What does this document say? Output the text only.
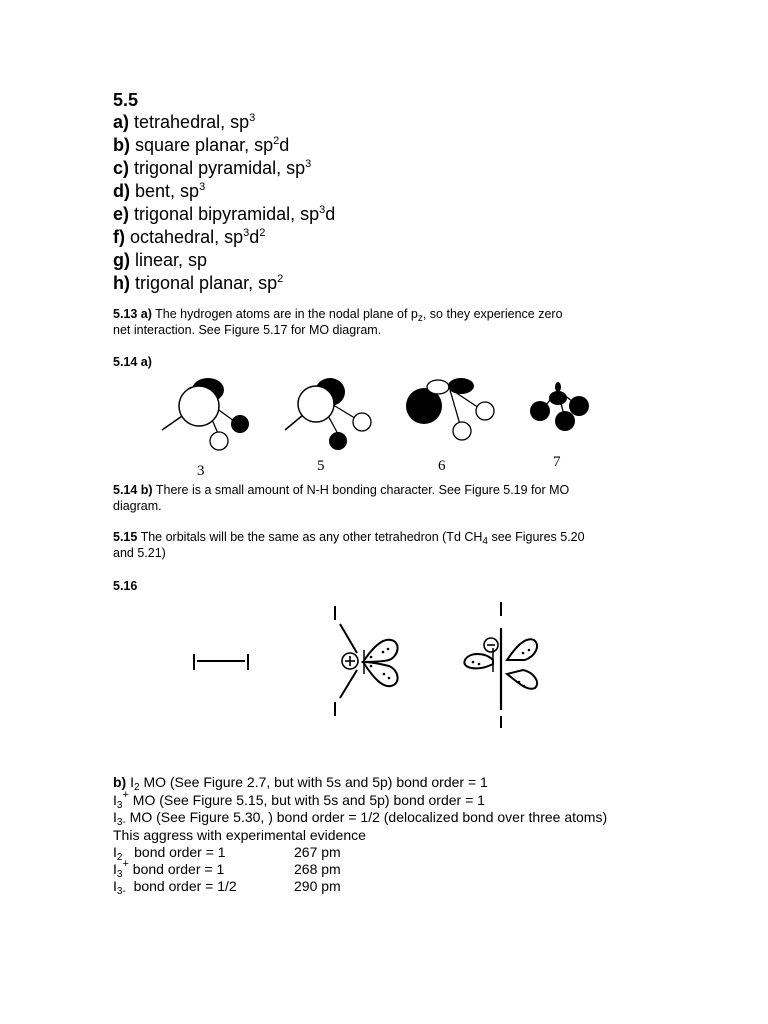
5.5
a) tetrahedral, $sp^3$
b) square planar, $sp^2d$
c) trigonal pyramidal, $sp^3$
d) bent, $sp^3$
e) trigonal bipyramidal, $sp^3d$
f) octahedral, $sp^3d^2$
g) linear, sp
h) trigonal planar, $sp^2$
5.13 a) The hydrogen atoms are in the nodal plane of $p_z$, so they experience zero
net interaction. See Figure 5.17 for MO diagram.
5.14 a)
3	5	6	7
5.14 b) There is a small amount of N-H bonding character. See Figure 5.19 for MO
diagram.
5.15 The orbitals will be the same as any other tetrahedron (Td $CH_4$ see Figures 5.20
and 5.21)
5.16
b) $I_2$ MO (See Figure 2.7, but with 5s and 5p) bond order = 1
$I_3^+$ MO (See Figure 5.15, but with 5s and 5p) bond order = 1
$I_{3-}$ MO (See Figure 5.30, ) bond order = 1/2 (delocalized bond over three atoms)
This aggress with experimental evidence
$I_2$   bond order = 1	267 pm
$I_3^+$ bond order = 1	268 pm
$I_{3-}$  bond order = 1/2	290 pm
